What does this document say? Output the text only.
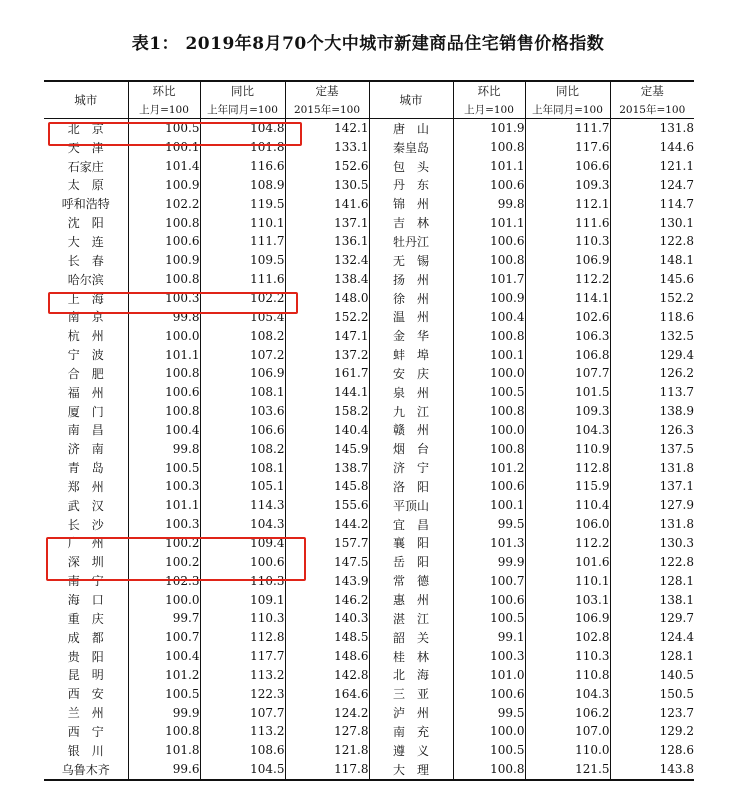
表1： 2019年8月70个大中城市新建商品住宅销售价格指数
城市	环比	同比	定基	城市	环比	同比	定基
	上月=100	上年同月=100	2015年=100		上月=100	上年同月=100	2015年=100
北　京	100.5	104.8	142.1	唐　山	101.9	111.7	131.8
天　津	100.1	101.8	133.1	秦皇岛	100.8	117.6	144.6
石家庄	101.4	116.6	152.6	包　头	101.1	106.6	121.1
太　原	100.9	108.9	130.5	丹　东	100.6	109.3	124.7
呼和浩特	102.2	119.5	141.6	锦　州	99.8	112.1	114.7
沈　阳	100.8	110.1	137.1	吉　林	101.1	111.6	130.1
大　连	100.6	111.7	136.1	牡丹江	100.6	110.3	122.8
长　春	100.9	109.5	132.4	无　锡	100.8	106.9	148.1
哈尔滨	100.8	111.6	138.4	扬　州	101.7	112.2	145.6
上　海	100.3	102.2	148.0	徐　州	100.9	114.1	152.2
南　京	99.8	105.4	152.2	温　州	100.4	102.6	118.6
杭　州	100.0	108.2	147.1	金　华	100.8	106.3	132.5
宁　波	101.1	107.2	137.2	蚌　埠	100.1	106.8	129.4
合　肥	100.8	106.9	161.7	安　庆	100.0	107.7	126.2
福　州	100.6	108.1	144.1	泉　州	100.5	101.5	113.7
厦　门	100.8	103.6	158.2	九　江	100.8	109.3	138.9
南　昌	100.4	106.6	140.4	赣　州	100.0	104.3	126.3
济　南	99.8	108.2	145.9	烟　台	100.8	110.9	137.5
青　岛	100.5	108.1	138.7	济　宁	101.2	112.8	131.8
郑　州	100.3	105.1	145.8	洛　阳	100.6	115.9	137.1
武　汉	101.1	114.3	155.6	平顶山	100.1	110.4	127.9
长　沙	100.3	104.3	144.2	宜　昌	99.5	106.0	131.8
广　州	100.2	109.4	157.7	襄　阳	101.3	112.2	130.3
深　圳	100.2	100.6	147.5	岳　阳	99.9	101.6	122.8
南　宁	102.3	110.3	143.9	常　德	100.7	110.1	128.1
海　口	100.0	109.1	146.2	惠　州	100.6	103.1	138.1
重　庆	99.7	110.3	140.3	湛　江	100.5	106.9	129.7
成　都	100.7	112.8	148.5	韶　关	99.1	102.8	124.4
贵　阳	100.4	117.7	148.6	桂　林	100.3	110.3	128.1
昆　明	101.2	113.2	142.8	北　海	101.0	110.8	140.5
西　安	100.5	122.3	164.6	三　亚	100.6	104.3	150.5
兰　州	99.9	107.7	124.2	泸　州	99.5	106.2	123.7
西　宁	100.8	113.2	127.8	南　充	100.0	107.0	129.2
银　川	101.8	108.6	121.8	遵　义	100.5	110.0	128.6
乌鲁木齐	99.6	104.5	117.8	大　理	100.8	121.5	143.8
